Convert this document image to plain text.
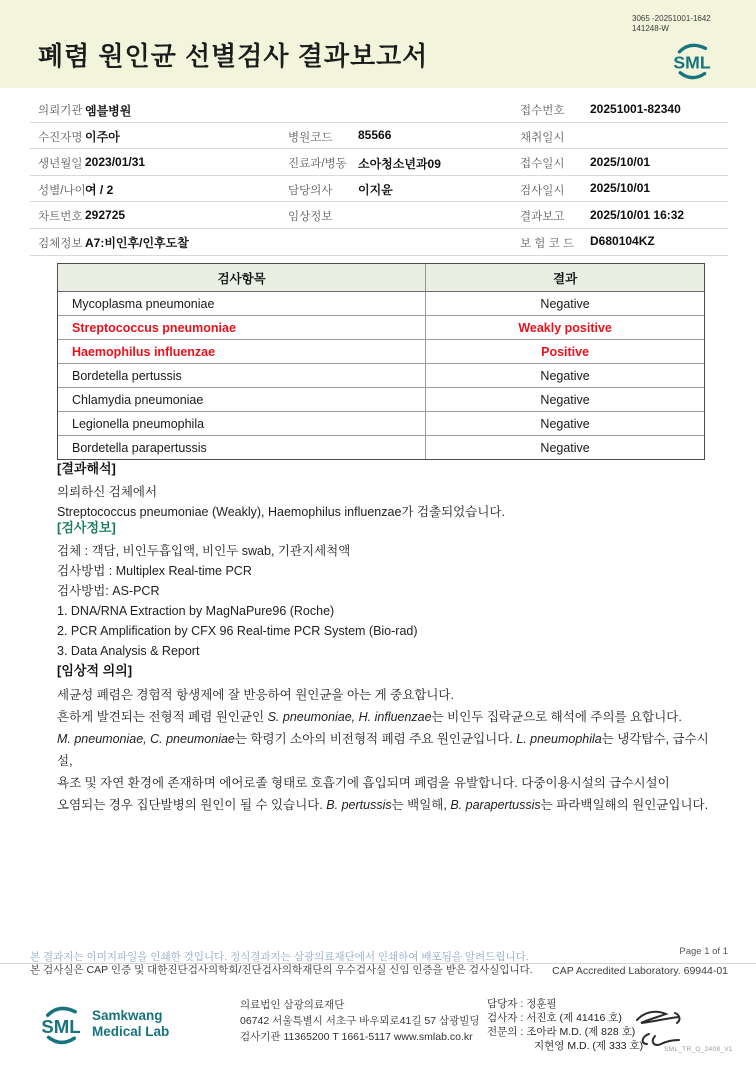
폐렴 원인균 선별검사 결과보고서
3065 -20251001-1642
141248-W
SML
의뢰기관 엠블병원	접수번호 20251001-82340
수진자명 이주아	병원코드 85566	채취일시
생년월일 2023/01/31	진료과/병동 소아청소년과09	접수일시 2025/10/01
성별/나이 여 / 2	담당의사 이지윤	검사일시 2025/10/01
차트번호 292725	임상정보	결과보고 2025/10/01 16:32
검체정보 A7:비인후/인후도찰	보 험 코 드 D680104KZ
검사항목	결과
Mycoplasma pneumoniae	Negative
Streptococcus pneumoniae	Weakly positive
Haemophilus influenzae	Positive
Bordetella pertussis	Negative
Chlamydia pneumoniae	Negative
Legionella pneumophila	Negative
Bordetella parapertussis	Negative
[결과해석]
의뢰하신 검체에서
Streptococcus pneumoniae (Weakly), Haemophilus influenzae가 검출되었습니다.
[검사정보]
검체 : 객담, 비인두흡입액, 비인두 swab, 기관지세척액
검사방법 : Multiplex Real-time PCR
검사방법: AS-PCR
1. DNA/RNA Extraction by MagNaPure96 (Roche)
2. PCR Amplification by CFX 96 Real-time PCR System (Bio-rad)
3. Data Analysis & Report
[임상적 의의]
세균성 폐렴은 경험적 항생제에 잘 반응하여 원인균을 아는 게 중요합니다.
흔하게 발견되는 전형적 폐렴 원인균인 S. pneumoniae, H. influenzae는 비인두 집락균으로 해석에 주의를 요합니다.
M. pneumoniae, C. pneumoniae는 학령기 소아의 비전형적 폐렴 주요 원인균입니다. L. pneumophila는 냉각탑수, 급수시설,
욕조 및 자연 환경에 존재하며 에어로졸 형태로 호흡기에 흡입되며 폐렴을 유발합니다. 다중이용시설의 급수시설이
오염되는 경우 집단발병의 원인이 될 수 있습니다. B. pertussis는 백일해, B. parapertussis는 파라백일해의 원인균입니다.
본 결과지는 이미지파일을 인쇄한 것입니다. 정식결과지는 삼광의료재단에서 인쇄하여 배포됨을 알려드립니다.
본 검사실은 CAP 인증 및 대한진단검사의학회/진단검사의학재단의 우수검사실 신임 인증을 받은 검사실입니다.
Page 1 of 1
CAP Accredited Laboratory. 69944-01
SML
Samkwang
Medical Lab
의료법인 삼광의료재단
06742 서울특별시 서초구 바우뫼로41길 57 삼광빌딩
검사기관 11365200 T 1661-5117 www.smlab.co.kr
담당자 : 정훈필
검사자 : 서진호 (제 41416 호)
전문의 : 조아라 M.D. (제 828 호)
지현영 M.D. (제 333 호)	SML_TR_Q_2408_V1
